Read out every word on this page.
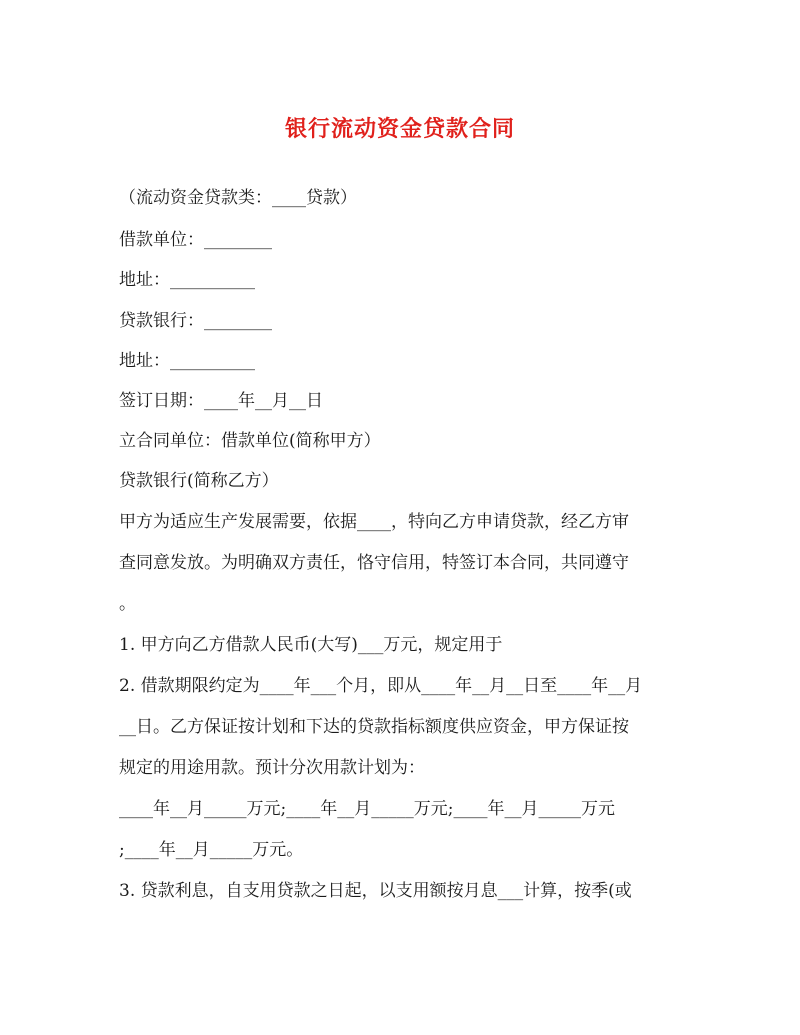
银行流动资金贷款合同
（流动资金贷款类：____贷款）
借款单位：________
地址：__________
贷款银行：________
地址：__________
签订日期：____年__月__日
立合同单位：借款单位(简称甲方）
贷款银行(简称乙方）
甲方为适应生产发展需要，依据____，特向乙方申请贷款，经乙方审
查同意发放。为明确双方责任，恪守信用，特签订本合同，共同遵守
。
1. 甲方向乙方借款人民币(大写)___万元，规定用于
2. 借款期限约定为____年___个月，即从____年__月__日至____年__月
__日。乙方保证按计划和下达的贷款指标额度供应资金，甲方保证按
规定的用途用款。预计分次用款计划为：
____年__月_____万元;____年__月_____万元;____年__月_____万元
;____年__月_____万元。
3. 贷款利息，自支用贷款之日起，以支用额按月息___计算，按季(或
